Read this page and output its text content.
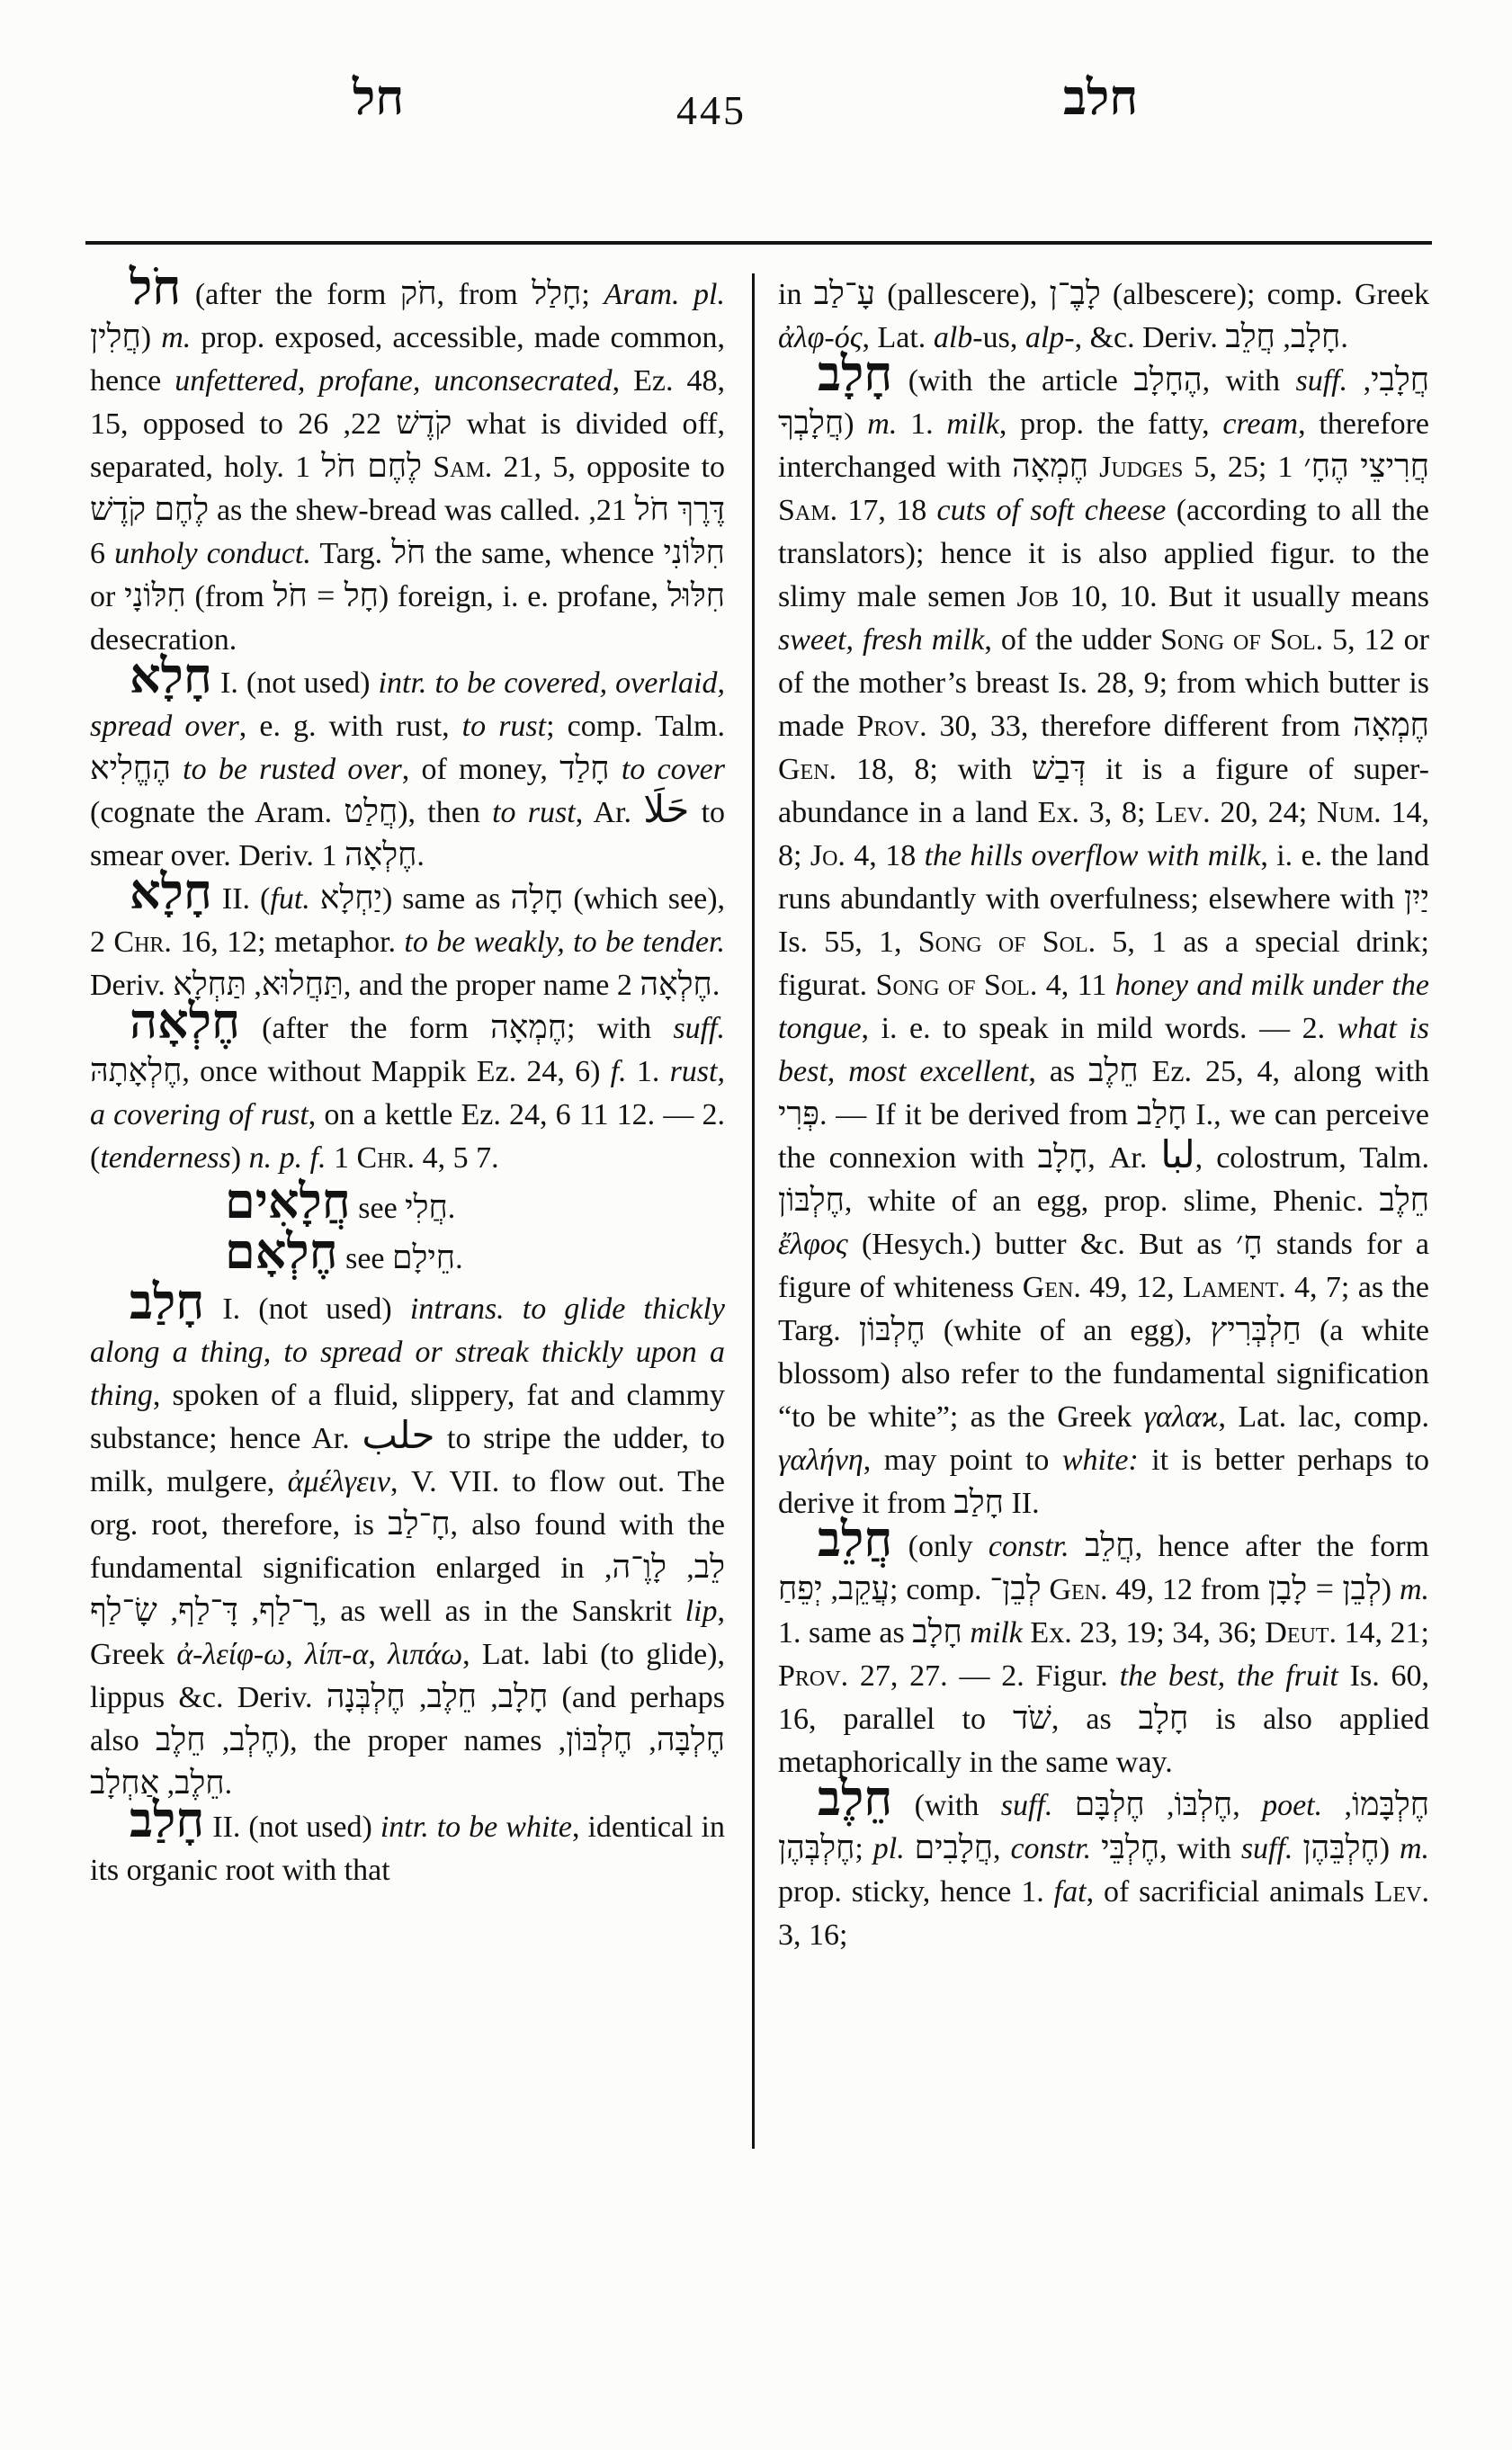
חל	445	חלב

חֹל (after the form חֹק, from חָלַל; Aram. pl. חֲלִין) m. prop. exposed, accessible, made common, hence unfettered, profane, unconsecrated, Ez. 48, 15, opposed to	קֹדֶשׁ 22, 26 what is divided off, separated, holy. לֶחֶם חֹל 1 Sam. 21, 5, opposite to לֶחֶם קֹדֶשׁ as the shew-bread was called. דֶּרֶךְ חֹל 21, 6 unholy conduct. Targ. חֹל the same, whence חִלּוֹנִי or חִלּוֹנָי (from חָל = חֹל) foreign, i. e. profane, חִלּוּל desecration.

חָלָא I. (not used) intr. to be covered, overlaid, spread over, e. g. with rust, to rust; comp. Talm. הֶחֱלִיא to be rusted over, of money, חָלַד to cover (cognate the Aram. חֲלַט), then to rust, Ar. حَلَا to smear over. Deriv. חֶלְאָה 1.

חָלָא II. (fut. יַחְלָא) same as חָלָה (which see), 2 Chr. 16, 12; metaphor. to be weakly, to be tender. Deriv.	תַּחֲלוּא, תַּחְלָא	, and the proper name חֶלְאָה 2.

חֶלְאָה (after the form חֶמְאָה; with suff. חֶלְאָתָהּ, once without Mappik Ez. 24, 6) f. 1. rust, a covering of rust, on a kettle Ez. 24, 6 11 12. — 2. (tenderness) n. p. f. 1 Chr. 4, 5 7.

חֲלָאִים see חֲלִי.

חֶלְאָם see חֵילָם.

חָלַב I. (not used) intrans. to glide thickly along a thing, to spread or streak thickly upon a thing, spoken of a fluid, slippery, fat and clammy substance; hence Ar. حلب to stripe the udder, to milk, mulgere, ἀμέλγειν, V. VII. to flow out. The org. root, therefore, is חָ־לַב, also found with the fundamental signification enlarged in	לֵב, לָוֶ־ה, רָ־לַף, דָּ־לַף, שָׂ־לַף	, as well as in the Sanskrit lip, Greek ἀ-λείφ-ω, λίπ-α, λιπάω, Lat. labi (to glide), lippus &c. Deriv.	חָלָב, חֵלֶב, חֶלְבְּנָה	(and perhaps also חֶלְב, חֵלֶב ), the proper names	חֶלְבָּה, חֶלְבּוֹן, חֵלֶב, אַחְלָב .

חָלַב II. (not used) intr. to be white, identical in its organic root with that

in עָ־לַב (pallescere), לָבֶ־ן (albescere); comp. Greek ἀλφ-ός, Lat. alb-us, alp-, &c. Deriv. חָלָב, חֲלֵב .

חָלָב (with the article הֶחָלָב, with suff. חֲלָבִי, חֲלָבְךָ) m. 1. milk, prop. the fatty, cream, therefore interchanged with חֶמְאָה Judges 5, 25; חֲרִיצֵי הֶחָ׳ 1 Sam. 17, 18 cuts of soft cheese (according to all the translators); hence it is also applied figur. to the slimy male semen Job 10, 10. But it usually means sweet, fresh milk, of the udder Song of Sol. 5, 12 or of the mother’s breast Is. 28, 9; from which butter is made Prov. 30, 33, therefore different from חֶמְאָה Gen. 18, 8; with דְּבַשׁ it is a figure of super-abundance in a land Ex. 3, 8; Lev. 20, 24; Num. 14, 8; Jo. 4, 18 the hills overflow with milk, i. e. the land runs abundantly with overfulness; elsewhere with יַיִן Is. 55, 1, Song of Sol. 5, 1 as a special drink; figurat. Song of Sol. 4, 11 honey and milk under the tongue, i. e. to speak in mild words. — 2. what is best, most excellent, as חֵלֶב Ez. 25, 4, along with פְּרִי. — If it be derived from חָלַב I., we can perceive the connexion with חָלָב, Ar. لبا, colostrum, Talm. חֶלְבּוֹן, white of an egg, prop. slime, Phenic. חֵלֶב ἔλφος (Hesych.) butter &c. But as חָ׳ stands for a figure of whiteness Gen. 49, 12, Lament. 4, 7; as the Targ. חֶלְבּוֹן (white of an egg), חַלְבְּרִיץ (a white blossom) also refer to the fundamental signification “to be white”; as the Greek γαλαϰ, Lat. lac, comp. γαλήνη, may point to white: it is better perhaps to derive it from חָלַב II.

חֲלֵב (only constr. חֲלֵב, hence after the form עֲקֵב, יְפֵחַ ; comp. לְבֵן־ Gen. 49, 12 from לְבֵן = לָבָן) m. 1. same as חָלָב milk Ex. 23, 19; 34, 36; Deut. 14, 21; Prov. 27, 27. — 2. Figur. the best, the fruit Is. 60, 16, parallel to שֹׁד, as חָלָב is also applied metaphorically in the same way.

חֵלֶב (with suff.	חֶלְבּוֹ, חֶלְבָּם	, poet. חֶלְבָּמוֹ, חֶלְבְּהֶן; pl. חֲלָבִים, constr. חֶלְבֵּי, with suff. חֶלְבֵּהֶן) m. prop. sticky, hence 1. fat, of sacrificial animals Lev. 3, 16;
